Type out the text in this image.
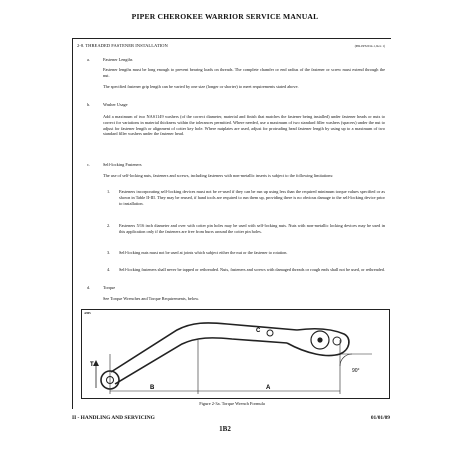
PIPER CHEROKEE WARRIOR SERVICE MANUAL
2-8. THREADED FASTENER INSTALLATION	(PIR-PPS2014-1, Rev. 1)
a.	Fastener Lengths
Fastener lengths must be long enough to prevent bearing loads on threads. The complete chamfer or end radius of the fastener or screw must extend through the nut.
The specified fastener grip length can be varied by one size (longer or shorter) to meet requirements stated above.
b.	Washer Usage
Add a maximum of two NAS1149 washers (of the correct diameter, material and finish that matches the fastener being installed) under fastener heads or nuts to correct for variations in material thickness within the tolerances permitted. Where needed, use a maximum of two standard filler washers (spacers) under the nut to adjust for fastener length or alignment of cotter key hole. Where nutplates are used, adjust for protruding head fastener length by using up to a maximum of two standard filler washers under the fastener head.
c.	Self-locking Fasteners
The use of self-locking nuts, fasteners and screws, including fasteners with non-metallic inserts is subject to the following limitations:
1. Fasteners incorporating self-locking devices must not be re-used if they can be run up using less than the required minimum torque values specified or as shown in Table II-III. They may be reused, if hand tools are required to run them up, providing there is no obvious damage to the self-locking device prior to installation.
2. Fasteners 5/16 inch diameter and over with cotter pin holes may be used with self-locking nuts. Nuts with non-metallic locking devices may be used in this application only if the fasteners are free from burrs around the cotter pin holes.
3. Self-locking nuts must not be used at joints which subject either the nut or the fastener to rotation.
4. Self-locking fasteners shall never be tapped or rethreaded. Nuts, fasteners and screws with damaged threads or rough ends shall not be used, or rethreaded.
d.	Torque
See Torque Wrenches and Torque Requirements, below.
A905
T
B	A
C
90°
Figure 2-3a. Torque Wrench Formula
II - HANDLING AND SERVICING	01/01/09
1B2
